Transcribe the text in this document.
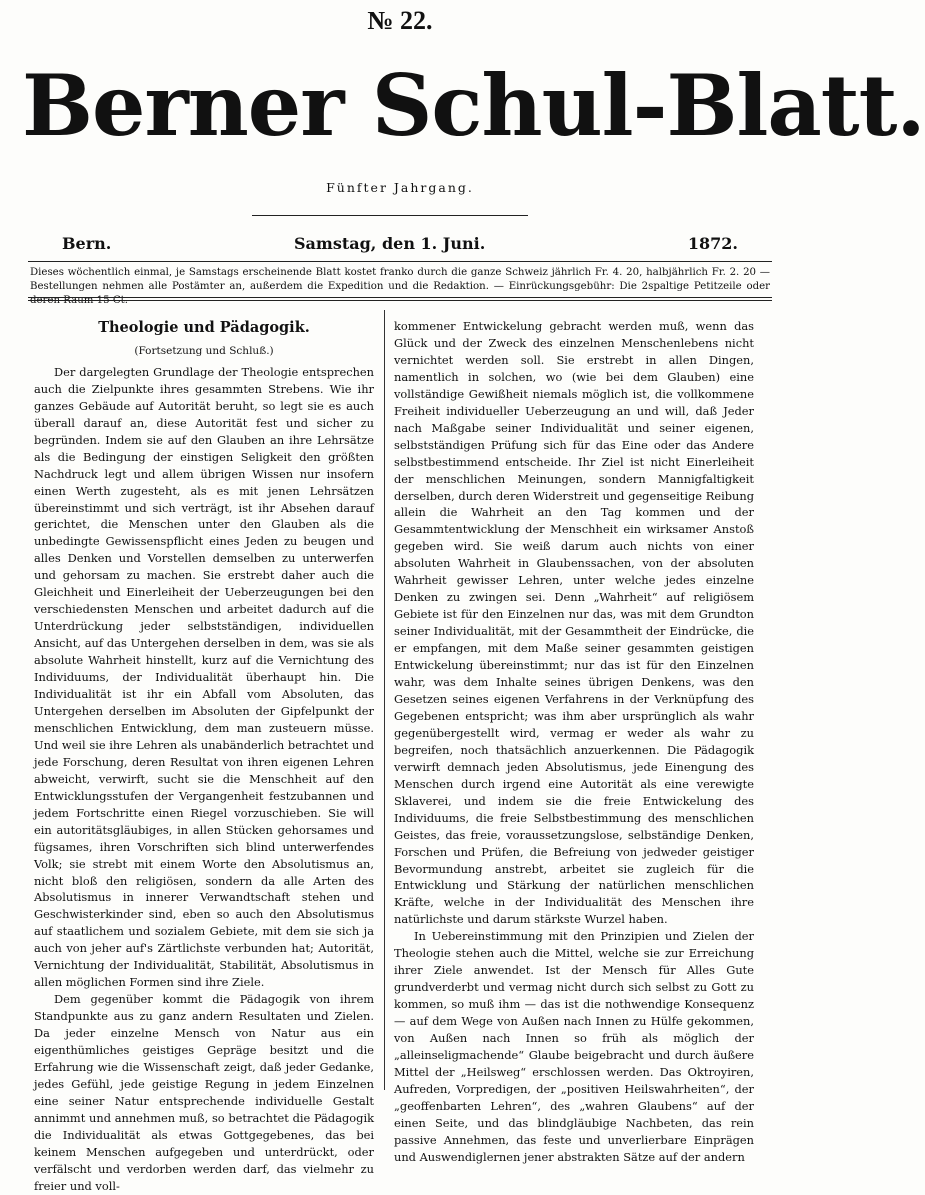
№ 22.
Berner Schul-Blatt.
Fünfter Jahrgang.
Bern.	Samstag, den 1. Juni.	1872.
Dieses wöchentlich einmal, je Samstags erscheinende Blatt kostet franko durch die ganze Schweiz jährlich Fr. 4. 20, halbjährlich Fr. 2. 20 — Bestellungen nehmen alle Postämter an, außerdem die Expedition und die Redaktion. — Einrückungsgebühr: Die 2spaltige Petitzeile oder deren Raum 15 Ct.
Theologie und Pädagogik.
(Fortsetzung und Schluß.)

Der dargelegten Grundlage der Theologie entsprechen auch die Zielpunkte ihres gesammten Strebens. Wie ihr ganzes Gebäude auf Autorität beruht, so legt sie es auch überall darauf an, diese Autorität fest und sicher zu begründen. Indem sie auf den Glauben an ihre Lehrsätze als die Bedingung der einstigen Seligkeit den größten Nachdruck legt und allem übrigen Wissen nur insofern einen Werth zugesteht, als es mit jenen Lehrsätzen übereinstimmt und sich verträgt, ist ihr Absehen darauf gerichtet, die Menschen unter den Glauben als die unbedingte Gewissenspflicht eines Jeden zu beugen und alles Denken und Vorstellen demselben zu unterwerfen und gehorsam zu machen. Sie erstrebt daher auch die Gleichheit und Einerleiheit der Ueberzeugungen bei den verschiedensten Menschen und arbeitet dadurch auf die Unterdrückung jeder selbstständigen, individuellen Ansicht, auf das Untergehen derselben in dem, was sie als absolute Wahrheit hinstellt, kurz auf die Vernichtung des Individuums, der Individualität überhaupt hin. Die Individualität ist ihr ein Abfall vom Absoluten, das Untergehen derselben im Absoluten der Gipfelpunkt der menschlichen Entwicklung, dem man zusteuern müsse. Und weil sie ihre Lehren als unabänderlich betrachtet und jede Forschung, deren Resultat von ihren eigenen Lehren abweicht, verwirft, sucht sie die Menschheit auf den Entwicklungsstufen der Vergangenheit festzubannen und jedem Fortschritte einen Riegel vorzuschieben. Sie will ein autoritätsgläubiges, in allen Stücken gehorsames und fügsames, ihren Vorschriften sich blind unterwerfendes Volk; sie strebt mit einem Worte den Absolutismus an, nicht bloß den religiösen, sondern da alle Arten des Absolutismus in innerer Verwandtschaft stehen und Geschwisterkinder sind, eben so auch den Absolutismus auf staatlichem und sozialem Gebiete, mit dem sie sich ja auch von jeher auf's Zärtlichste verbunden hat; Autorität, Vernichtung der Individualität, Stabilität, Absolutismus in allen möglichen Formen sind ihre Ziele.

Dem gegenüber kommt die Pädagogik von ihrem Standpunkte aus zu ganz andern Resultaten und Zielen. Da jeder einzelne Mensch von Natur aus ein eigenthümliches geistiges Gepräge besitzt und die Erfahrung wie die Wissenschaft zeigt, daß jeder Gedanke, jedes Gefühl, jede geistige Regung in jedem Einzelnen eine seiner Natur entsprechende individuelle Gestalt annimmt und annehmen muß, so betrachtet die Pädagogik die Individualität als etwas Gottgegebenes, das bei keinem Menschen aufgegeben und unterdrückt, oder verfälscht und verdorben werden darf, das vielmehr zu freier und voll-

kommener Entwickelung gebracht werden muß, wenn das Glück und der Zweck des einzelnen Menschenlebens nicht vernichtet werden soll. Sie erstrebt in allen Dingen, namentlich in solchen, wo (wie bei dem Glauben) eine vollständige Gewißheit niemals möglich ist, die vollkommene Freiheit individueller Ueberzeugung an und will, daß Jeder nach Maßgabe seiner Individualität und seiner eigenen, selbstständigen Prüfung sich für das Eine oder das Andere selbstbestimmend entscheide. Ihr Ziel ist nicht Einerleiheit der menschlichen Meinungen, sondern Mannigfaltigkeit derselben, durch deren Widerstreit und gegenseitige Reibung allein die Wahrheit an den Tag kommen und der Gesammtentwicklung der Menschheit ein wirksamer Anstoß gegeben wird. Sie weiß darum auch nichts von einer absoluten Wahrheit in Glaubenssachen, von der absoluten Wahrheit gewisser Lehren, unter welche jedes einzelne Denken zu zwingen sei. Denn „Wahrheit“ auf religiösem Gebiete ist für den Einzelnen nur das, was mit dem Grundton seiner Individualität, mit der Gesammtheit der Eindrücke, die er empfangen, mit dem Maße seiner gesammten geistigen Entwickelung übereinstimmt; nur das ist für den Einzelnen wahr, was dem Inhalte seines übrigen Denkens, was den Gesetzen seines eigenen Verfahrens in der Verknüpfung des Gegebenen entspricht; was ihm aber ursprünglich als wahr gegenübergestellt wird, vermag er weder als wahr zu begreifen, noch thatsächlich anzuerkennen. Die Pädagogik verwirft demnach jeden Absolutismus, jede Einengung des Menschen durch irgend eine Autorität als eine verewigte Sklaverei, und indem sie die freie Entwickelung des Individuums, die freie Selbstbestimmung des menschlichen Geistes, das freie, voraussetzungslose, selbständige Denken, Forschen und Prüfen, die Befreiung von jedweder geistiger Bevormundung anstrebt, arbeitet sie zugleich für die Entwicklung und Stärkung der natürlichen menschlichen Kräfte, welche in der Individualität des Menschen ihre natürlichste und darum stärkste Wurzel haben.

In Uebereinstimmung mit den Prinzipien und Zielen der Theologie stehen auch die Mittel, welche sie zur Erreichung ihrer Ziele anwendet. Ist der Mensch für Alles Gute grundverderbt und vermag nicht durch sich selbst zu Gott zu kommen, so muß ihm — das ist die nothwendige Konsequenz — auf dem Wege von Außen nach Innen zu Hülfe gekommen, von Außen nach Innen so früh als möglich der „alleinseligmachende“ Glaube beigebracht und durch äußere Mittel der „Heilsweg“ erschlossen werden. Das Oktroyiren, Aufreden, Vorpredigen, der „positiven Heilswahrheiten“, der „geoffenbarten Lehren“, des „wahren Glaubens“ auf der einen Seite, und das blindgläubige Nachbeten, das rein passive Annehmen, das feste und unverlierbare Einprägen und Auswendiglernen jener abstrakten Sätze auf der andern
